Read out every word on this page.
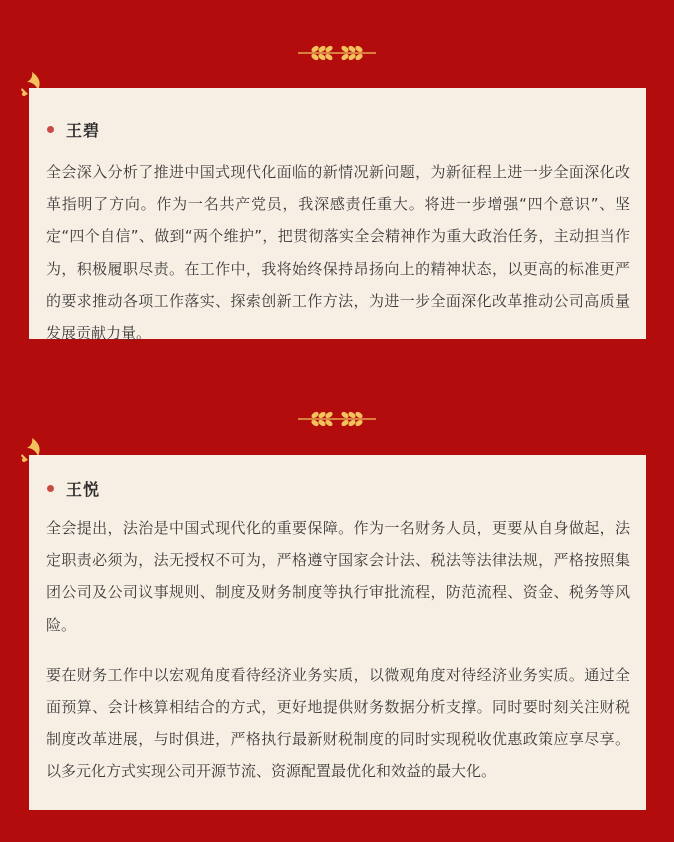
王碧

全会深入分析了推进中国式现代化面临的新情况新问题，为新征程上进一步全面深化改革指明了方向。作为一名共产党员，我深感责任重大。将进一步增强“四个意识”、坚定“四个自信”、做到“两个维护”，把贯彻落实全会精神作为重大政治任务，主动担当作为，积极履职尽责。在工作中，我将始终保持昂扬向上的精神状态，以更高的标准更严的要求推动各项工作落实、探索创新工作方法，为进一步全面深化改革推动公司高质量发展贡献力量。

王悦

全会提出，法治是中国式现代化的重要保障。作为一名财务人员，更要从自身做起，法定职责必须为，法无授权不可为，严格遵守国家会计法、税法等法律法规，严格按照集团公司及公司议事规则、制度及财务制度等执行审批流程，防范流程、资金、税务等风险。

要在财务工作中以宏观角度看待经济业务实质，以微观角度对待经济业务实质。通过全面预算、会计核算相结合的方式，更好地提供财务数据分析支撑。同时要时刻关注财税制度改革进展，与时俱进，严格执行最新财税制度的同时实现税收优惠政策应享尽享。以多元化方式实现公司开源节流、资源配置最优化和效益的最大化。
